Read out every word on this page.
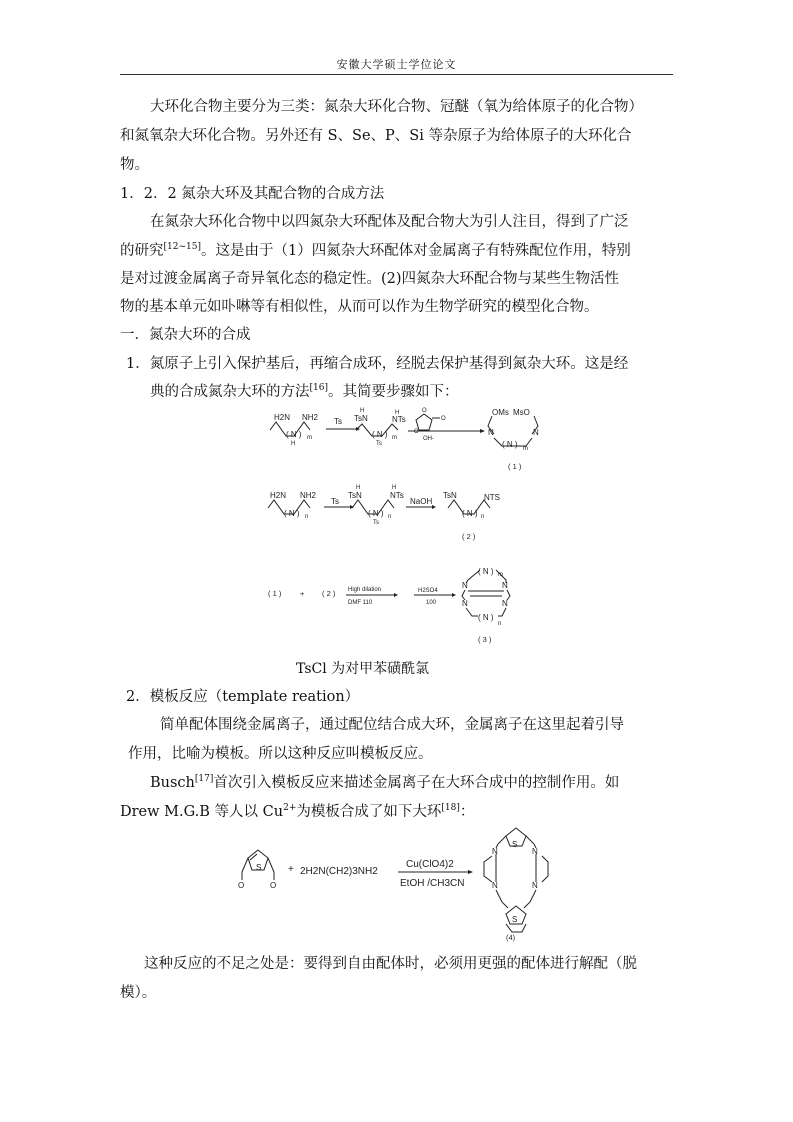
安徽大学硕士学位论文
大环化合物主要分为三类：氮杂大环化合物、冠醚（氧为给体原子的化合物）
和氮氧杂大环化合物。另外还有 S、Se、P、Si 等杂原子为给体原子的大环化合
物。
1．2．2 氮杂大环及其配合物的合成方法
在氮杂大环化合物中以四氮杂大环配体及配合物大为引人注目，得到了广泛
的研究[12~15]。这是由于（1）四氮杂大环配体对金属离子有特殊配位作用，特别
是对过渡金属离子奇异氧化态的稳定性。(2)四氮杂大环配合物与某些生物活性
物的基本单元如卟啉等有相似性，从而可以作为生物学研究的模型化合物。
一．氮杂大环的合成
1．氮原子上引入保护基后，再缩合成环，经脱去保护基得到氮杂大环。这是经
典的合成氮杂大环的方法[16]。其简要步骤如下：
H2N NH2
( N ) m
H
Ts
H
TsN
H
NTs
( N ) m
Ts
O
O
O
OH-
OMs MsO
N	N
( N ) m
( 1 )
H2N NH2
( N ) n
Ts
H
TsN
H
NTs
( N ) n
Ts
NaOH
TsN	NTS
( N ) n
( 2 )
( 1 ) + ( 2 ) High dilation
DMF 110
H2SO4
100
( N ) m
N	N
N	N
( N )
n
( 3 )
TsCl 为对甲苯磺酰氯
2．模板反应（template reation）
简单配体围绕金属离子，通过配位结合成大环，金属离子在这里起着引导
作用，比喻为模板。所以这种反应叫模板反应。
Busch[17]首次引入模板反应来描述金属离子在大环合成中的控制作用。如
Drew M.G.B 等人以 $Cu^{2+}$为模板合成了如下大环[18]：
S
O	O
+ 2H2N(CH2)3NH2
Cu(ClO4)2
EtOH /CH3CN
S
S
N	N
N	N
(4)
这种反应的不足之处是：要得到自由配体时，必须用更强的配体进行解配（脱
模）。
